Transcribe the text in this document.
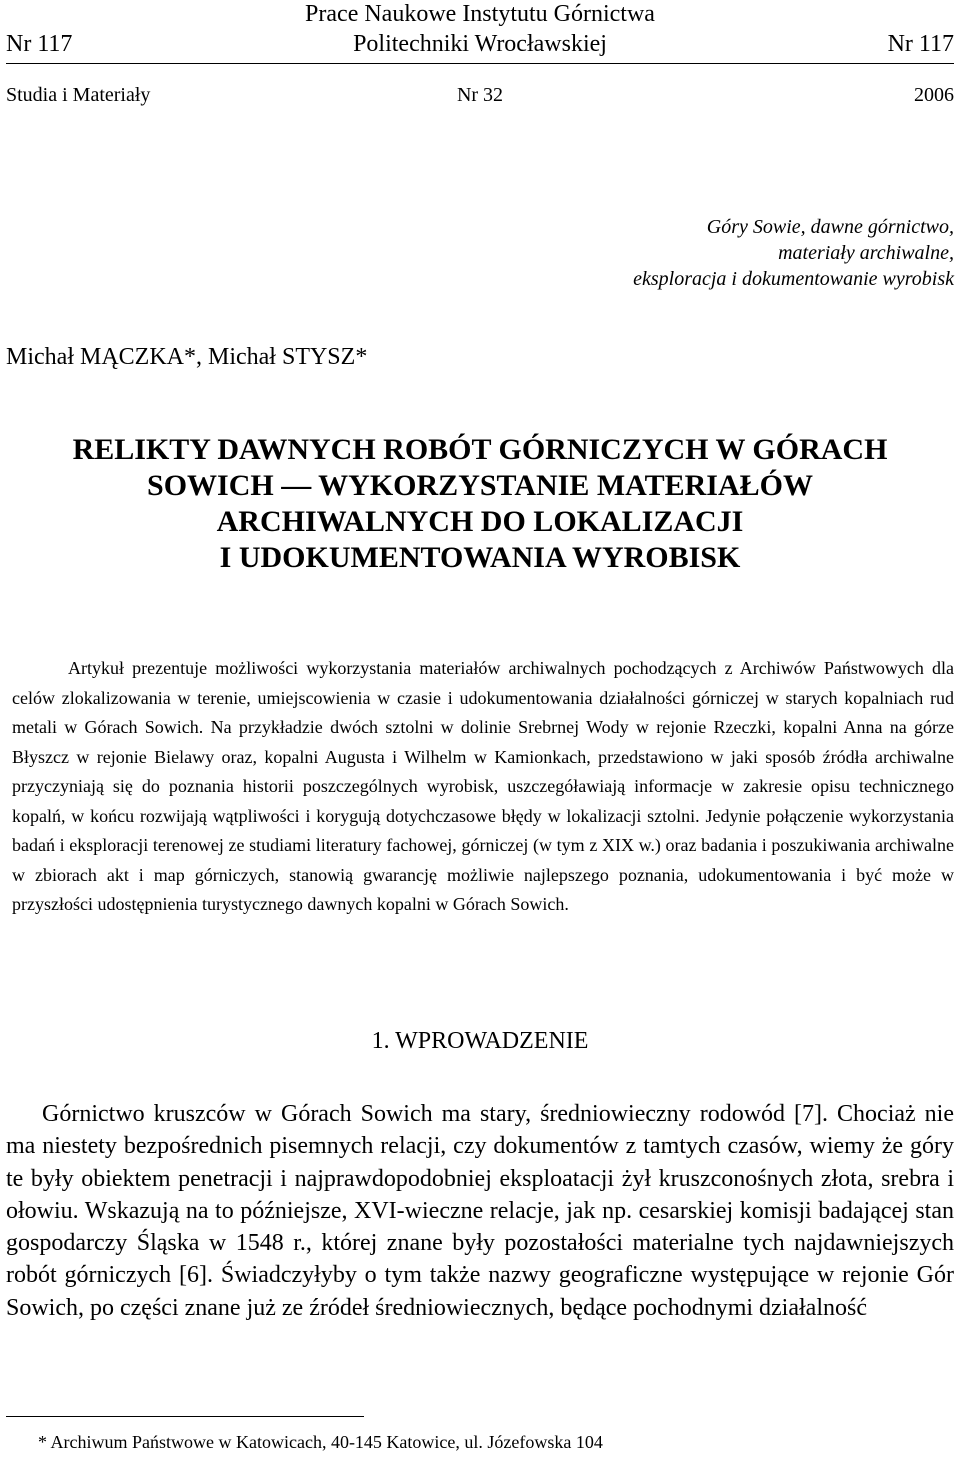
Prace Naukowe Instytutu Górnictwa
Nr 117	Politechniki Wrocławskiej	Nr 117
Studia i Materiały	Nr 32	2006
Góry Sowie, dawne górnictwo,
materiały archiwalne,
eksploracja i dokumentowanie wyrobisk
Michał MĄCZKA*, Michał STYSZ*
RELIKTY DAWNYCH ROBÓT GÓRNICZYCH W GÓRACH
SOWICH — WYKORZYSTANIE MATERIAŁÓW
ARCHIWALNYCH DO LOKALIZACJI
I UDOKUMENTOWANIA WYROBISK

Artykuł prezentuje możliwości wykorzystania materiałów archiwalnych pochodzących z Archiwów Państwowych dla celów zlokalizowania w terenie, umiejscowienia w czasie i udokumentowania działalności górniczej w starych kopalniach rud metali w Górach Sowich. Na przykładzie dwóch sztolni w dolinie Srebrnej Wody w rejonie Rzeczki, kopalni Anna na górze Błyszcz w rejonie Bielawy oraz, kopalni Augusta i Wilhelm w Kamionkach, przedstawiono w jaki sposób źródła archiwalne przyczyniają się do poznania historii poszczególnych wyrobisk, uszczegóławiają informacje w zakresie opisu technicznego kopalń, w końcu rozwijają wątpliwości i korygują dotychczasowe błędy w lokalizacji sztolni. Jedynie połączenie wykorzystania badań i eksploracji terenowej ze studiami literatury fachowej, górniczej (w tym z XIX w.) oraz badania i poszukiwania archiwalne w zbiorach akt i map górniczych, stanowią gwarancję możliwie najlepszego poznania, udokumentowania i być może w przyszłości udostępnienia turystycznego dawnych kopalni w Górach Sowich.

1. WPROWADZENIE

Górnictwo kruszców w Górach Sowich ma stary, średniowieczny rodowód [7]. Chociaż nie ma niestety bezpośrednich pisemnych relacji, czy dokumentów z tamtych czasów, wiemy że góry te były obiektem penetracji i najprawdopodobniej eksploatacji żył kruszconośnych złota, srebra i ołowiu. Wskazują na to późniejsze, XVI-wieczne relacje, jak np. cesarskiej komisji badającej stan gospodarczy Śląska w 1548 r., której znane były pozostałości materialne tych najdawniejszych robót górniczych [6]. Świadczyłyby o tym także nazwy geograficzne występujące w rejonie Gór Sowich, po części znane już ze źródeł średniowiecznych, będące pochodnymi działalność

* Archiwum Państwowe w Katowicach, 40-145 Katowice, ul. Józefowska 104
